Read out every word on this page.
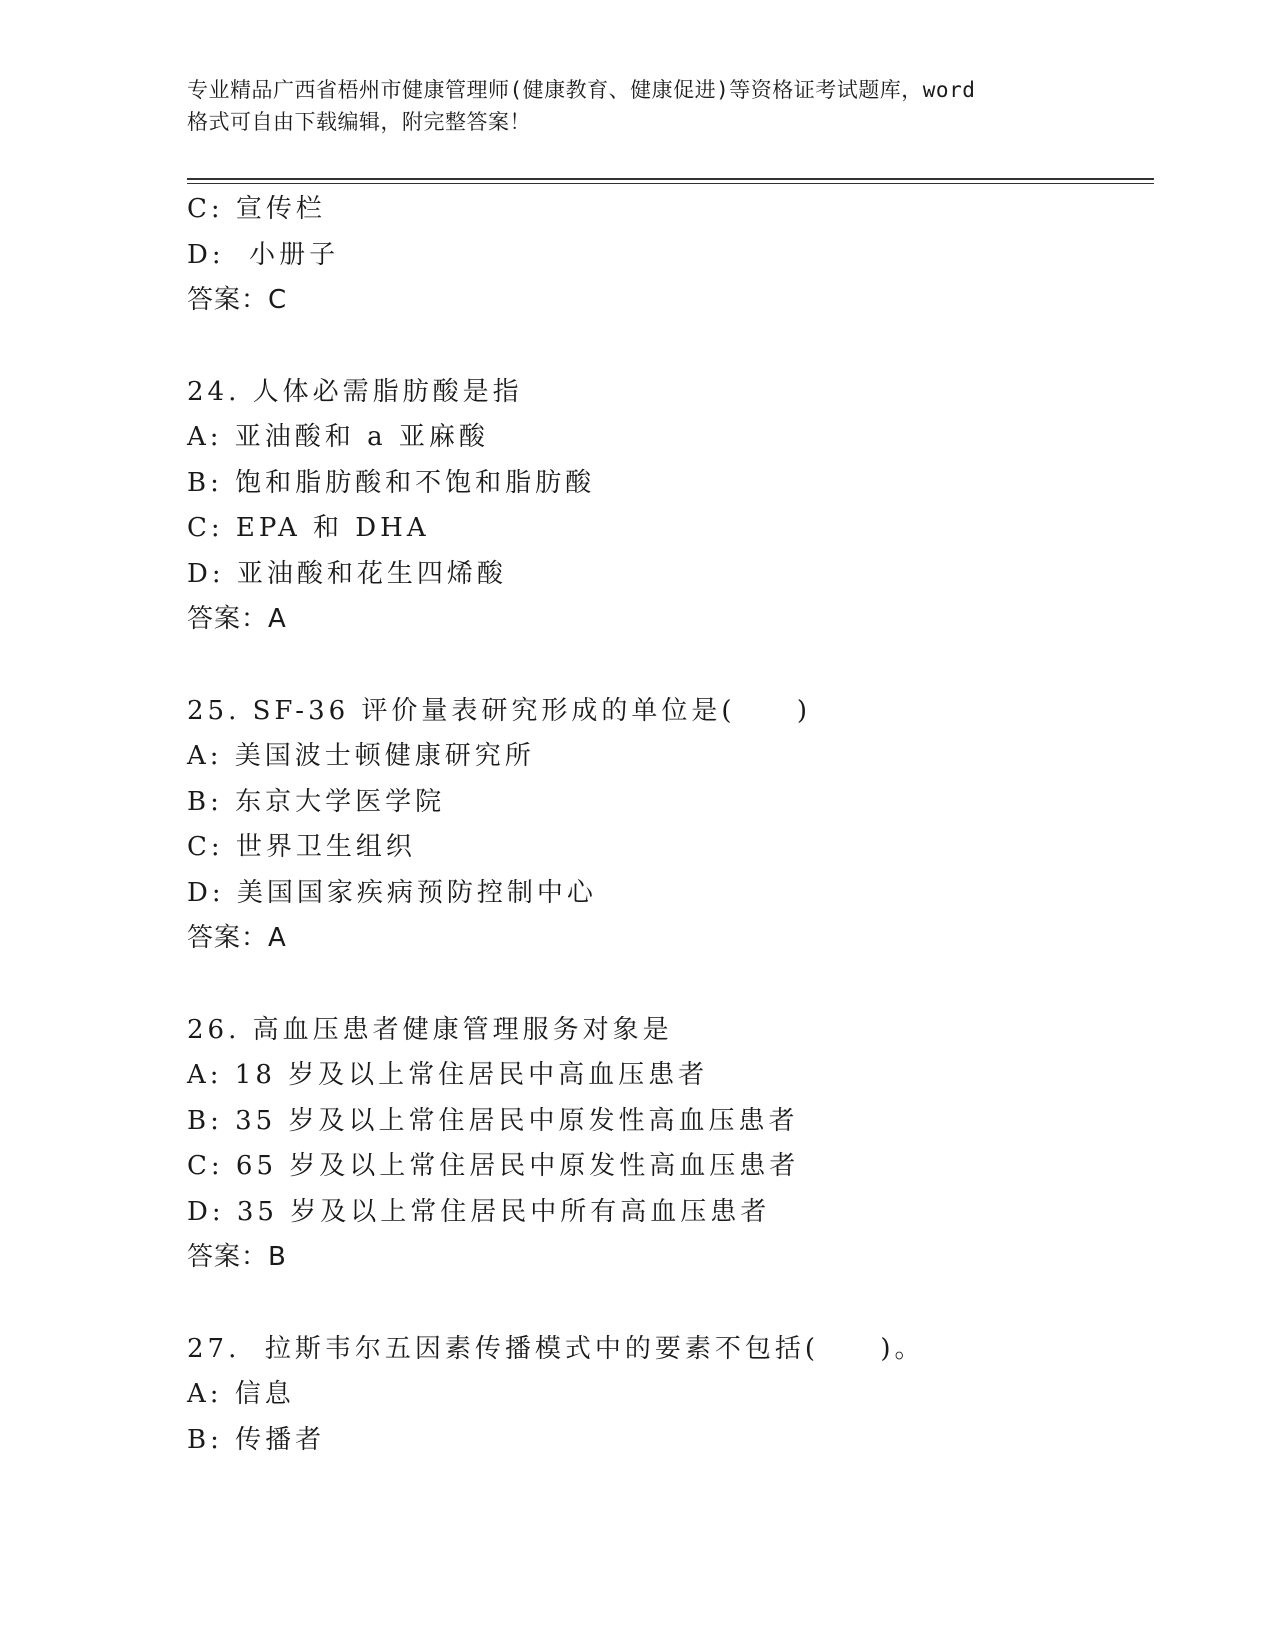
专业精品广西省梧州市健康管理师(健康教育、健康促进)等资格证考试题库，word
格式可自由下载编辑，附完整答案！
C: 宣传栏
D:  小册子
答案：C
24. 人体必需脂肪酸是指
A: 亚油酸和 a 亚麻酸
B: 饱和脂肪酸和不饱和脂肪酸
C: EPA 和 DHA
D: 亚油酸和花生四烯酸
答案：A
25. SF-36 评价量表研究形成的单位是(     )
A: 美国波士顿健康研究所
B: 东京大学医学院
C: 世界卫生组织
D: 美国国家疾病预防控制中心
答案：A
26. 高血压患者健康管理服务对象是
A: 18 岁及以上常住居民中高血压患者
B: 35 岁及以上常住居民中原发性高血压患者
C: 65 岁及以上常住居民中原发性高血压患者
D: 35 岁及以上常住居民中所有高血压患者
答案：B
27.  拉斯韦尔五因素传播模式中的要素不包括(     )。
A: 信息
B: 传播者
